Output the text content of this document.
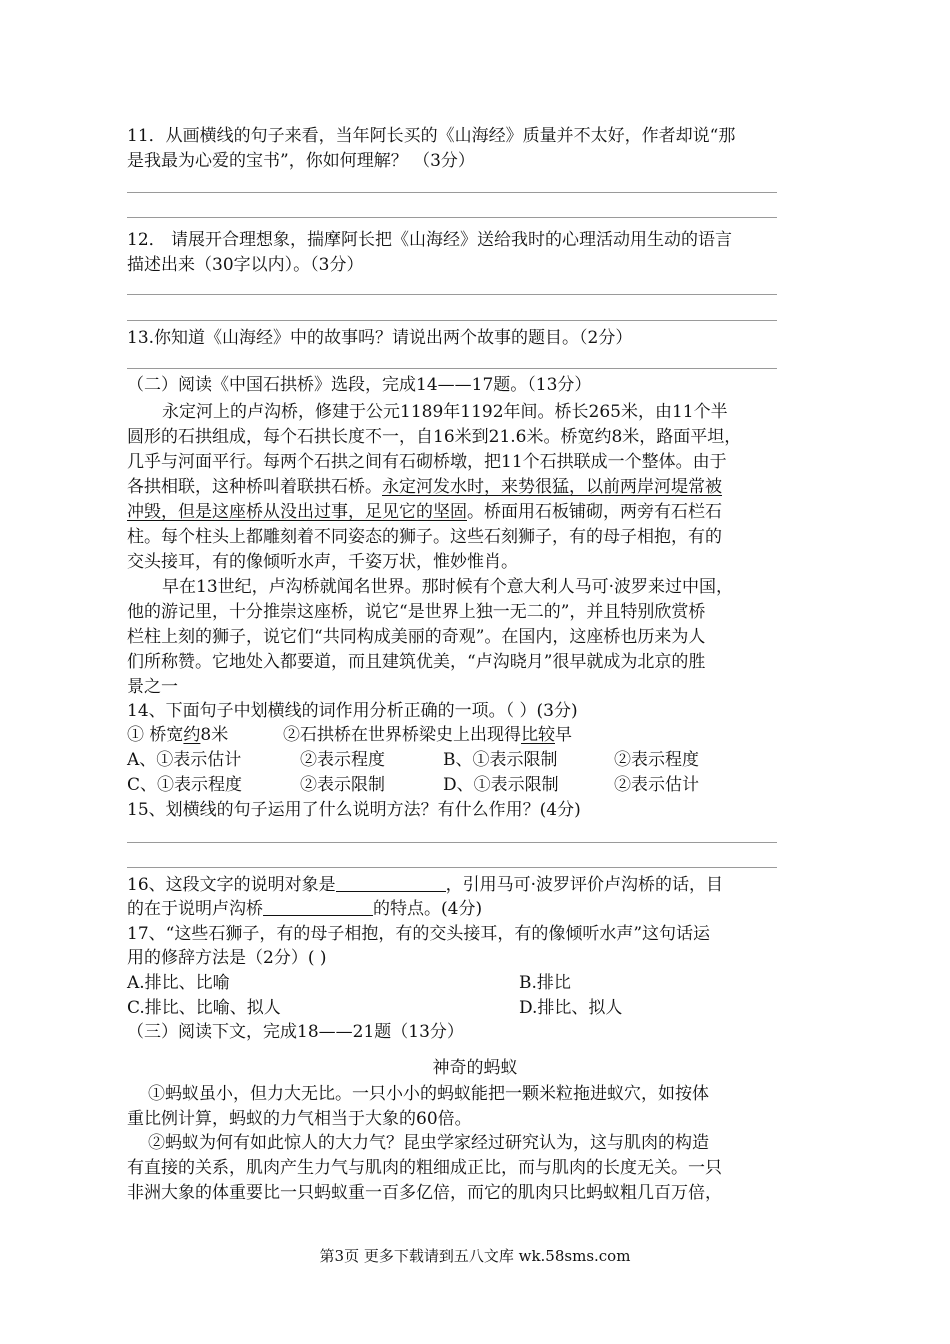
11．从画横线的句子来看，当年阿长买的《山海经》质量并不太好，作者却说“那
是我最为心爱的宝书”，你如何理解？ （3分）
12． 请展开合理想象，揣摩阿长把《山海经》送给我时的心理活动用生动的语言
描述出来（30字以内）。（3分）
13.你知道《山海经》中的故事吗？请说出两个故事的题目。（2分）
（二）阅读《中国石拱桥》选段，完成14——17题。（13分）
永定河上的卢沟桥，修建于公元1189年1192年间。桥长265米，由11个半
圆形的石拱组成，每个石拱长度不一，自16米到21.6米。桥宽约8米，路面平坦，
几乎与河面平行。每两个石拱之间有石砌桥墩，把11个石拱联成一个整体。由于
各拱相联，这种桥叫着联拱石桥。永定河发水时，来势很猛，以前两岸河堤常被
冲毁，但是这座桥从没出过事，足见它的坚固。桥面用石板铺砌，两旁有石栏石
柱。每个柱头上都雕刻着不同姿态的狮子。这些石刻狮子，有的母子相抱，有的
交头接耳，有的像倾听水声，千姿万状，惟妙惟肖。
早在13世纪，卢沟桥就闻名世界。那时候有个意大利人马可·波罗来过中国，
他的游记里，十分推崇这座桥，说它“是世界上独一无二的”，并且特别欣赏桥
栏柱上刻的狮子，说它们“共同构成美丽的奇观”。在国内，这座桥也历来为人
们所称赞。它地处入都要道，而且建筑优美，“卢沟晓月”很早就成为北京的胜
景之一
14、下面句子中划横线的词作用分析正确的一项。（ ）(3分)
① 桥宽约8米	②石拱桥在世界桥梁史上出现得比较早
A、①表示估计	②表示程度	B、①表示限制	②表示程度
C、①表示程度	②表示限制	D、①表示限制	②表示估计
15、划横线的句子运用了什么说明方法？有什么作用？(4分)
16、这段文字的说明对象是	，引用马可·波罗评价卢沟桥的话，目
的在于说明卢沟桥	的特点。(4分)
17、“这些石狮子，有的母子相抱，有的交头接耳，有的像倾听水声”这句话运
用的修辞方法是（2分）( )
A.排比、比喻	B.排比
C.排比、比喻、拟人	D.排比、拟人
（三）阅读下文，完成18——21题（13分）
神奇的蚂蚁
①蚂蚁虽小，但力大无比。一只小小的蚂蚁能把一颗米粒拖进蚁穴，如按体
重比例计算，蚂蚁的力气相当于大象的60倍。
②蚂蚁为何有如此惊人的大力气？昆虫学家经过研究认为，这与肌肉的构造
有直接的关系，肌肉产生力气与肌肉的粗细成正比，而与肌肉的长度无关。一只
非洲大象的体重要比一只蚂蚁重一百多亿倍，而它的肌肉只比蚂蚁粗几百万倍，
第3页 更多下载请到五八文库 wk.58sms.com
